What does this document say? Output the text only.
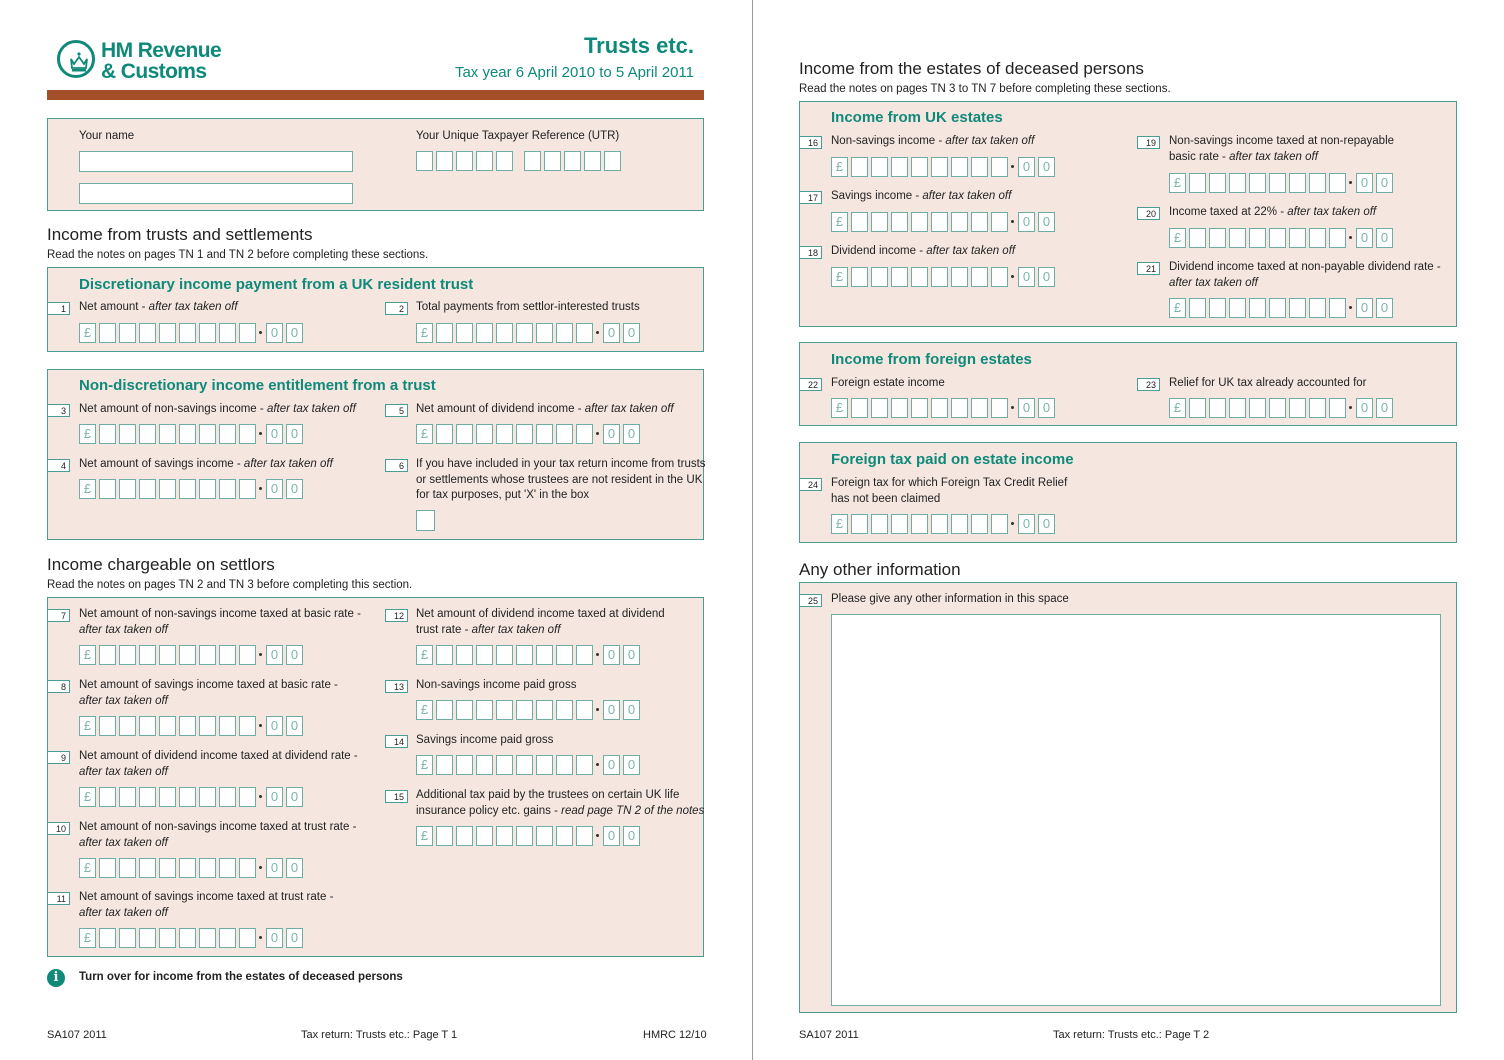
HM Revenue
& Customs
Trusts etc.
Tax year 6 April 2010 to 5 April 2011
Your name	Your Unique Taxpayer Reference (UTR)
Income from trusts and settlements
Read the notes on pages TN 1 and TN 2 before completing these sections.
Discretionary income payment from a UK resident trust
1	Net amount - after tax taken off
£	0 0
2	Total payments from settlor-interested trusts
£	0 0
Non-discretionary income entitlement from a trust
3	Net amount of non-savings income - after tax taken off
£	0 0
5	Net amount of dividend income - after tax taken off
£	0 0
4	Net amount of savings income - after tax taken off
£	0 0
6	If you have included in your tax return income from trusts
or settlements whose trustees are not resident in the UK
for tax purposes, put 'X' in the box
Income chargeable on settlors
Read the notes on pages TN 2 and TN 3 before completing this section.
7	Net amount of non-savings income taxed at basic rate -
after tax taken off
£	0 0
8	Net amount of savings income taxed at basic rate -
after tax taken off
£	0 0
9	Net amount of dividend income taxed at dividend rate -
after tax taken off
£	0 0
10	Net amount of non-savings income taxed at trust rate -
after tax taken off
£	0 0
11	Net amount of savings income taxed at trust rate -
after tax taken off
£	0 0
12	Net amount of dividend income taxed at dividend
trust rate - after tax taken off
£	0 0
13	Non-savings income paid gross
£	0 0
14	Savings income paid gross
£	0 0
15	Additional tax paid by the trustees on certain UK life
insurance policy etc. gains - read page TN 2 of the notes
£	0 0
i	Turn over for income from the estates of deceased persons
SA107 2011	Tax return: Trusts etc.: Page T 1	HMRC 12/10
Income from the estates of deceased persons
Read the notes on pages TN 3 to TN 7 before completing these sections.
Income from UK estates
16	Non-savings income - after tax taken off
£	0 0
17	Savings income - after tax taken off
£	0 0
18	Dividend income - after tax taken off
£	0 0
19	Non-savings income taxed at non-repayable
basic rate - after tax taken off
£	0 0
20	Income taxed at 22% - after tax taken off
£	0 0
21	Dividend income taxed at non-payable dividend rate -
after tax taken off
£	0 0
Income from foreign estates
22	Foreign estate income
£	0 0
23	Relief for UK tax already accounted for
£	0 0
Foreign tax paid on estate income
24	Foreign tax for which Foreign Tax Credit Relief
has not been claimed
£	0 0
Any other information
25	Please give any other information in this space
SA107 2011	Tax return: Trusts etc.: Page T 2
